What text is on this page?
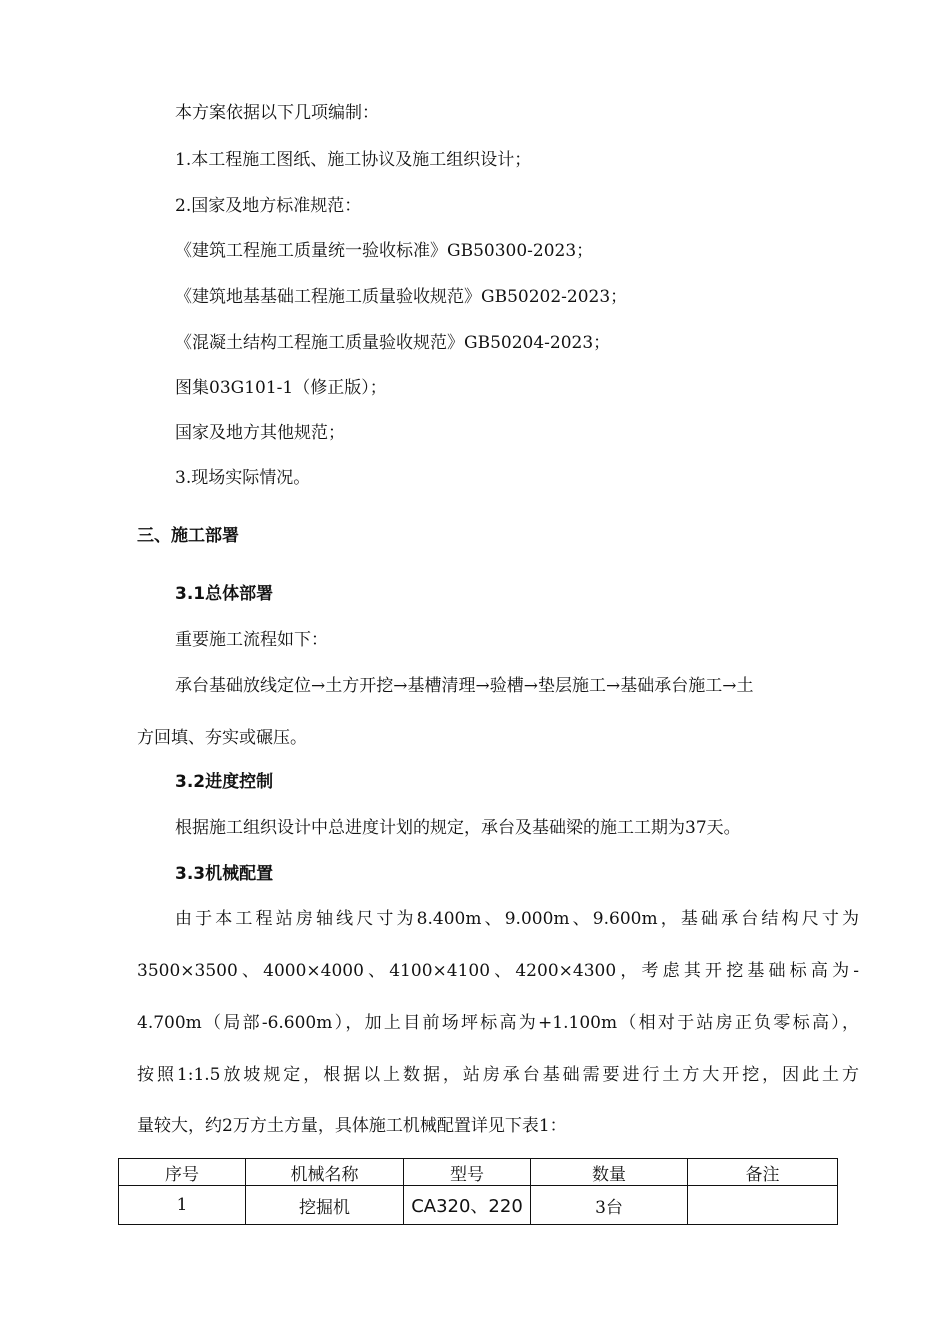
本方案依据以下几项编制：
1.本工程施工图纸、施工协议及施工组织设计；
2.国家及地方标准规范：
《建筑工程施工质量统一验收标准》GB50300-2023；
《建筑地基基础工程施工质量验收规范》GB50202-2023；
《混凝土结构工程施工质量验收规范》GB50204-2023；
图集03G101-1（修正版）；
国家及地方其他规范；
3.现场实际情况。
三、施工部署
3.1总体部署
重要施工流程如下：
承台基础放线定位→土方开挖→基槽清理→验槽→垫层施工→基础承台施工→土
方回填、夯实或碾压。
3.2进度控制
根据施工组织设计中总进度计划的规定，承台及基础梁的施工工期为37天。
3.3机械配置
由于本工程站房轴线尺寸为8.400m、9.000m、9.600m，基础承台结构尺寸为
3500×3500、4000×4000、4100×4100、4200×4300，考虑其开挖基础标高为-
4.700m（局部-6.600m），加上目前场坪标高为+1.100m（相对于站房正负零标高），
按照1:1.5放坡规定，根据以上数据，站房承台基础需要进行土方大开挖，因此土方
量较大，约2万方土方量，具体施工机械配置详见下表1：
序号	机械名称	型号	数量	备注
1	挖掘机	CA320、220	3台	
